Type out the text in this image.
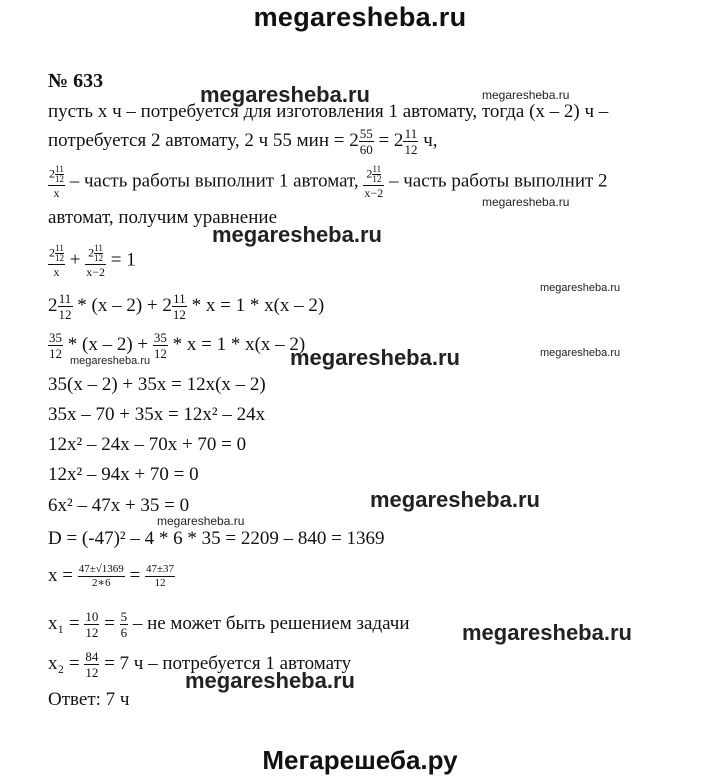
megaresheba.ru
Мегарешеба.ру
megaresheba.ru	megaresheba.ru
megaresheba.ru
megaresheba.ru
megaresheba.ru
megaresheba.ru
megaresheba.ru	megaresheba.ru
megaresheba.ru
megaresheba.ru
megaresheba.ru
megaresheba.ru
№ 633
пусть х ч – потребуется для изготовления 1 автомату, тогда (х – 2) ч –
потребуется 2 автомату, 2 ч 55 мин = $2 \frac{55}{60} = 2 \frac{11}{12} ч$,
$\frac{2 \frac{11}{12}}{х}$ – часть работы выполнит 1 автомат, $\frac{2 \frac{11}{12}}{х-2}$ – часть работы выполнит 2
автомат, получим уравнение
$\frac{2 \frac{11}{12}}{х} + \frac{2 \frac{11}{12}}{х-2} = 1$
$2 \frac{11}{12} * (х - 2) + 2 \frac{11}{12} * х = 1 * х(х - 2)$
$\frac{35}{12} * (х - 2) + \frac{35}{12} * х = 1 * х(х - 2)$
35(х – 2) + 35х = 12х(х – 2)
35х – 70 + 35х = 12х² – 24х
12х² – 24х – 70х + 70 = 0
12х² – 94х + 70 = 0
6х² – 47х + 35 = 0
D = (-47)² – 4 * 6 * 35 = 2209 – 840 = 1369
$х = \frac{47\pm√1369}{2∗6} = \frac{47\pm 37}{12}$
$х_1 = \frac{10}{12} = \frac{5}{6}$ – не может быть решением задачи
$х_2 = \frac{84}{12} = 7$ ч – потребуется 1 автомату
Ответ: 7 ч
